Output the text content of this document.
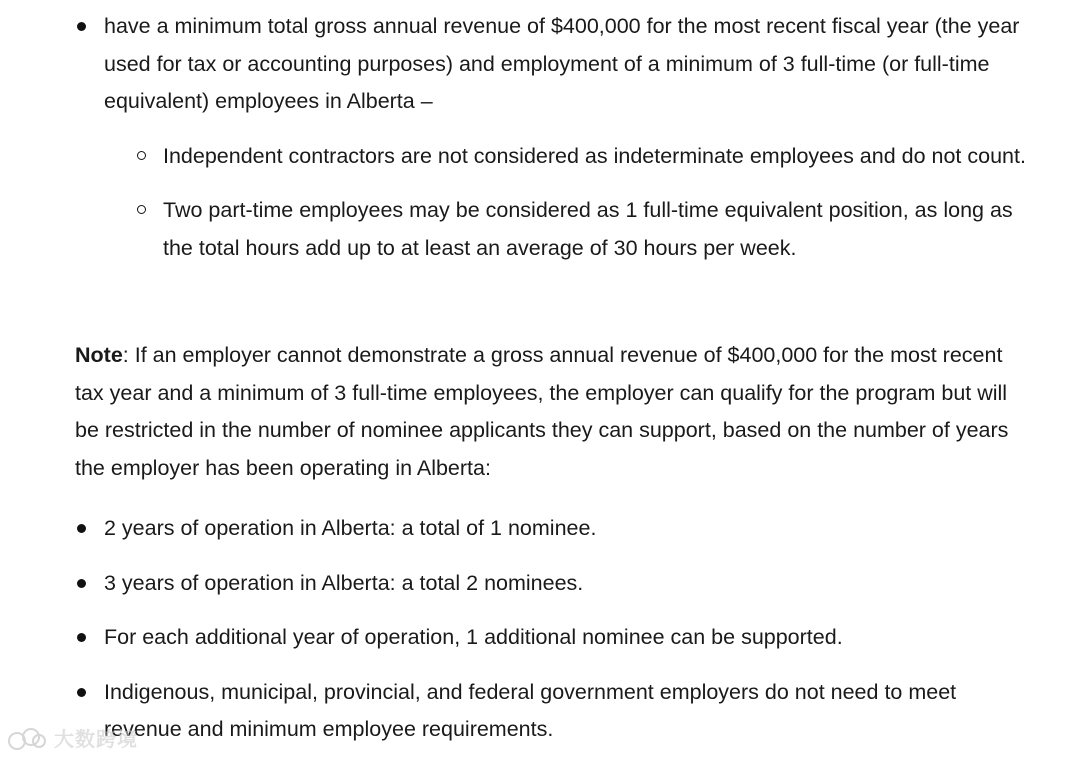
have a minimum total gross annual revenue of $400,000 for the most recent fiscal year (the year used for tax or accounting purposes) and employment of a minimum of 3 full-time (or full-time equivalent) employees in Alberta –
Independent contractors are not considered as indeterminate employees and do not count.
Two part-time employees may be considered as 1 full-time equivalent position, as long as the total hours add up to at least an average of 30 hours per week.

Note: If an employer cannot demonstrate a gross annual revenue of $400,000 for the most recent tax year and a minimum of 3 full-time employees, the employer can qualify for the program but will be restricted in the number of nominee applicants they can support, based on the number of years the employer has been operating in Alberta:

2 years of operation in Alberta: a total of 1 nominee.
3 years of operation in Alberta: a total 2 nominees.
For each additional year of operation, 1 additional nominee can be supported.
Indigenous, municipal, provincial, and federal government employers do not need to meet revenue and minimum employee requirements.
大数跨境
